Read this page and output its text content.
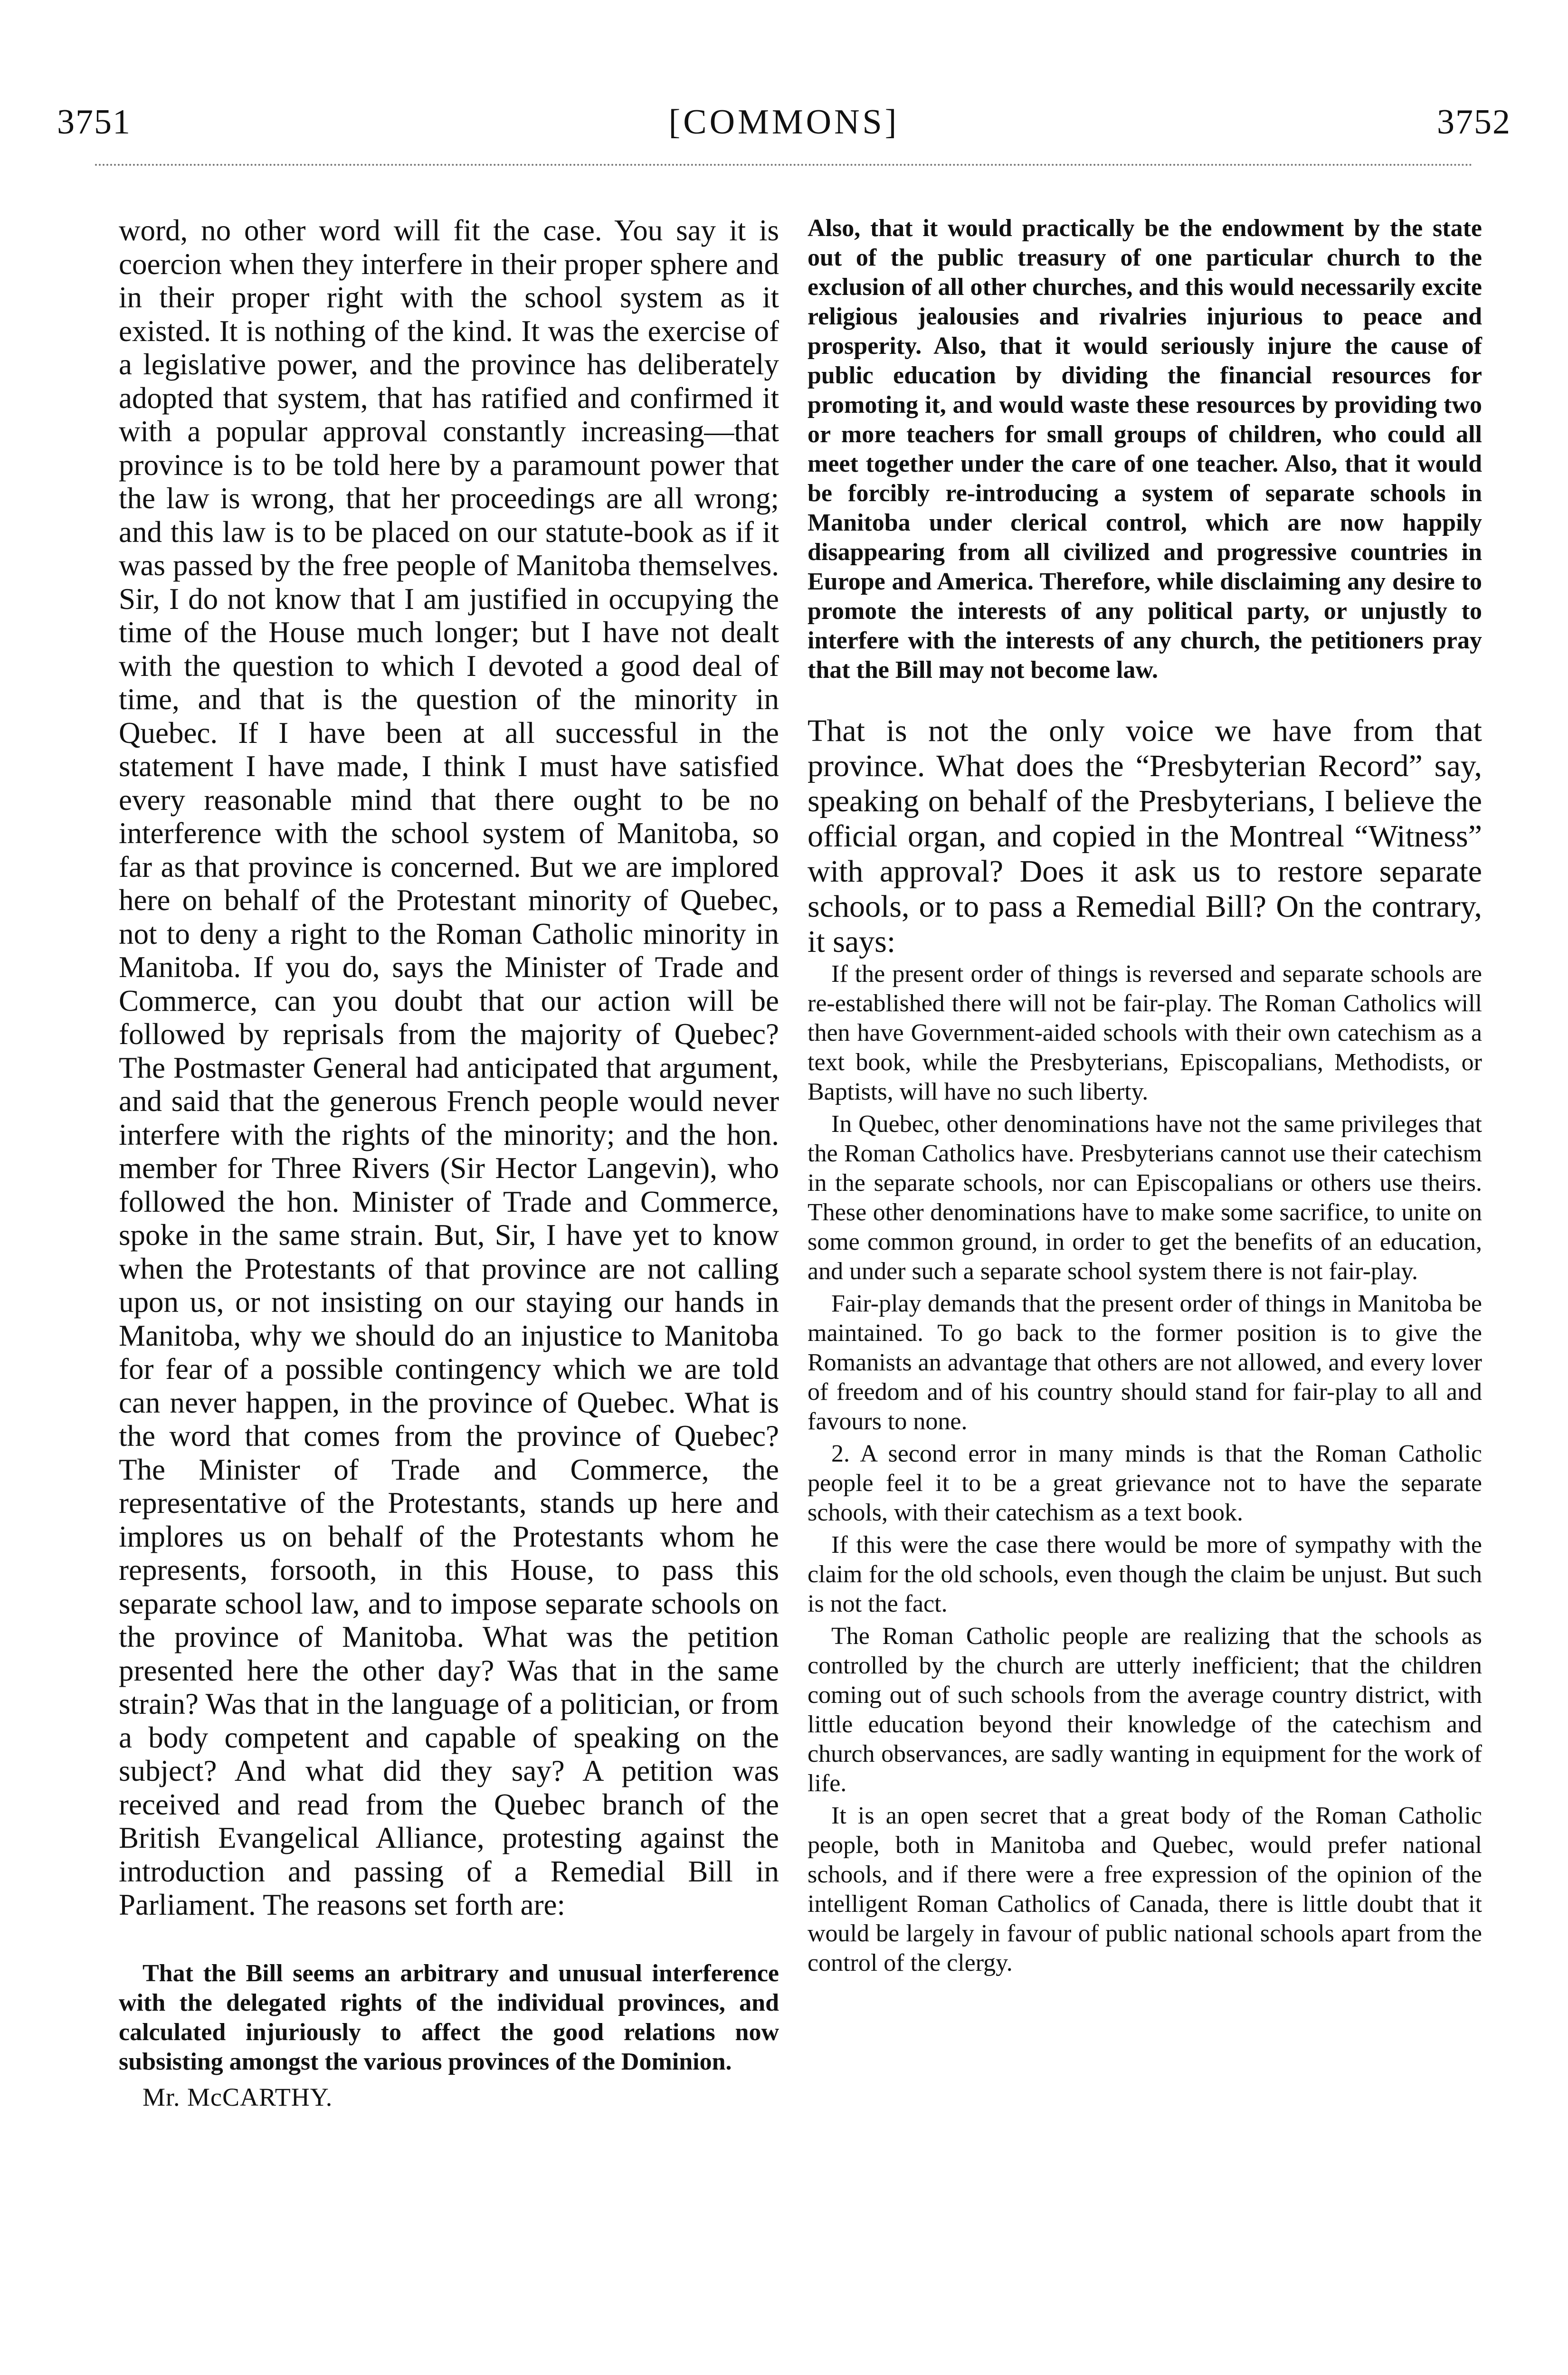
3751	[COMMONS]	3752

word, no other word will fit the case. You say it is coercion when they interfere in their proper sphere and in their proper right with the school system as it existed. It is nothing of the kind. It was the exercise of a legislative power, and the province has deliberately adopted that system, that has ratified and confirmed it with a popular approval constantly increasing—that province is to be told here by a paramount power that the law is wrong, that her proceedings are all wrong; and this law is to be placed on our statute-book as if it was passed by the free people of Manitoba themselves. Sir, I do not know that I am justified in occupying the time of the House much longer; but I have not dealt with the question to which I devoted a good deal of time, and that is the question of the minority in Quebec. If I have been at all successful in the statement I have made, I think I must have satisfied every reasonable mind that there ought to be no interference with the school system of Manitoba, so far as that province is concerned. But we are implored here on behalf of the Protestant minority of Quebec, not to deny a right to the Roman Catholic minority in Manitoba. If you do, says the Minister of Trade and Commerce, can you doubt that our action will be followed by reprisals from the majority of Quebec? The Postmaster General had anticipated that argument, and said that the generous French people would never interfere with the rights of the minority; and the hon. member for Three Rivers (Sir Hector Langevin), who followed the hon. Minister of Trade and Commerce, spoke in the same strain. But, Sir, I have yet to know when the Protestants of that province are not calling upon us, or not insisting on our staying our hands in Manitoba, why we should do an injustice to Manitoba for fear of a possible contingency which we are told can never happen, in the province of Quebec. What is the word that comes from the province of Quebec? The Minister of Trade and Commerce, the representative of the Protestants, stands up here and implores us on behalf of the Protestants whom he represents, forsooth, in this House, to pass this separate school law, and to impose separate schools on the province of Manitoba. What was the petition presented here the other day? Was that in the same strain? Was that in the language of a politician, or from a body competent and capable of speaking on the subject? And what did they say? A petition was received and read from the Quebec branch of the British Evangelical Alliance, protesting against the introduction and passing of a Remedial Bill in Parliament. The reasons set forth are:

That the Bill seems an arbitrary and unusual interference with the delegated rights of the individual provinces, and calculated injuriously to affect the good relations now subsisting amongst the various provinces of the Dominion.

Mr. McCARTHY.

Also, that it would practically be the endowment by the state out of the public treasury of one particular church to the exclusion of all other churches, and this would necessarily excite religious jealousies and rivalries injurious to peace and prosperity. Also, that it would seriously injure the cause of public education by dividing the financial resources for promoting it, and would waste these resources by providing two or more teachers for small groups of children, who could all meet together under the care of one teacher. Also, that it would be forcibly re-introducing a system of separate schools in Manitoba under clerical control, which are now happily disappearing from all civilized and progressive countries in Europe and America. Therefore, while disclaiming any desire to promote the interests of any political party, or unjustly to interfere with the interests of any church, the petitioners pray that the Bill may not become law.

That is not the only voice we have from that province. What does the “Presbyterian Record” say, speaking on behalf of the Presbyterians, I believe the official organ, and copied in the Montreal “Witness” with approval? Does it ask us to restore separate schools, or to pass a Remedial Bill? On the contrary, it says:

If the present order of things is reversed and separate schools are re-established there will not be fair-play. The Roman Catholics will then have Government-aided schools with their own catechism as a text book, while the Presbyterians, Episcopalians, Methodists, or Baptists, will have no such liberty.

In Quebec, other denominations have not the same privileges that the Roman Catholics have. Presbyterians cannot use their catechism in the separate schools, nor can Episcopalians or others use theirs. These other denominations have to make some sacrifice, to unite on some common ground, in order to get the benefits of an education, and under such a separate school system there is not fair-play.

Fair-play demands that the present order of things in Manitoba be maintained. To go back to the former position is to give the Romanists an advantage that others are not allowed, and every lover of freedom and of his country should stand for fair-play to all and favours to none.

2. A second error in many minds is that the Roman Catholic people feel it to be a great grievance not to have the separate schools, with their catechism as a text book.

If this were the case there would be more of sympathy with the claim for the old schools, even though the claim be unjust. But such is not the fact.

The Roman Catholic people are realizing that the schools as controlled by the church are utterly inefficient; that the children coming out of such schools from the average country district, with little education beyond their knowledge of the catechism and church observances, are sadly wanting in equipment for the work of life.

It is an open secret that a great body of the Roman Catholic people, both in Manitoba and Quebec, would prefer national schools, and if there were a free expression of the opinion of the intelligent Roman Catholics of Canada, there is little doubt that it would be largely in favour of public national schools apart from the control of the clergy.
